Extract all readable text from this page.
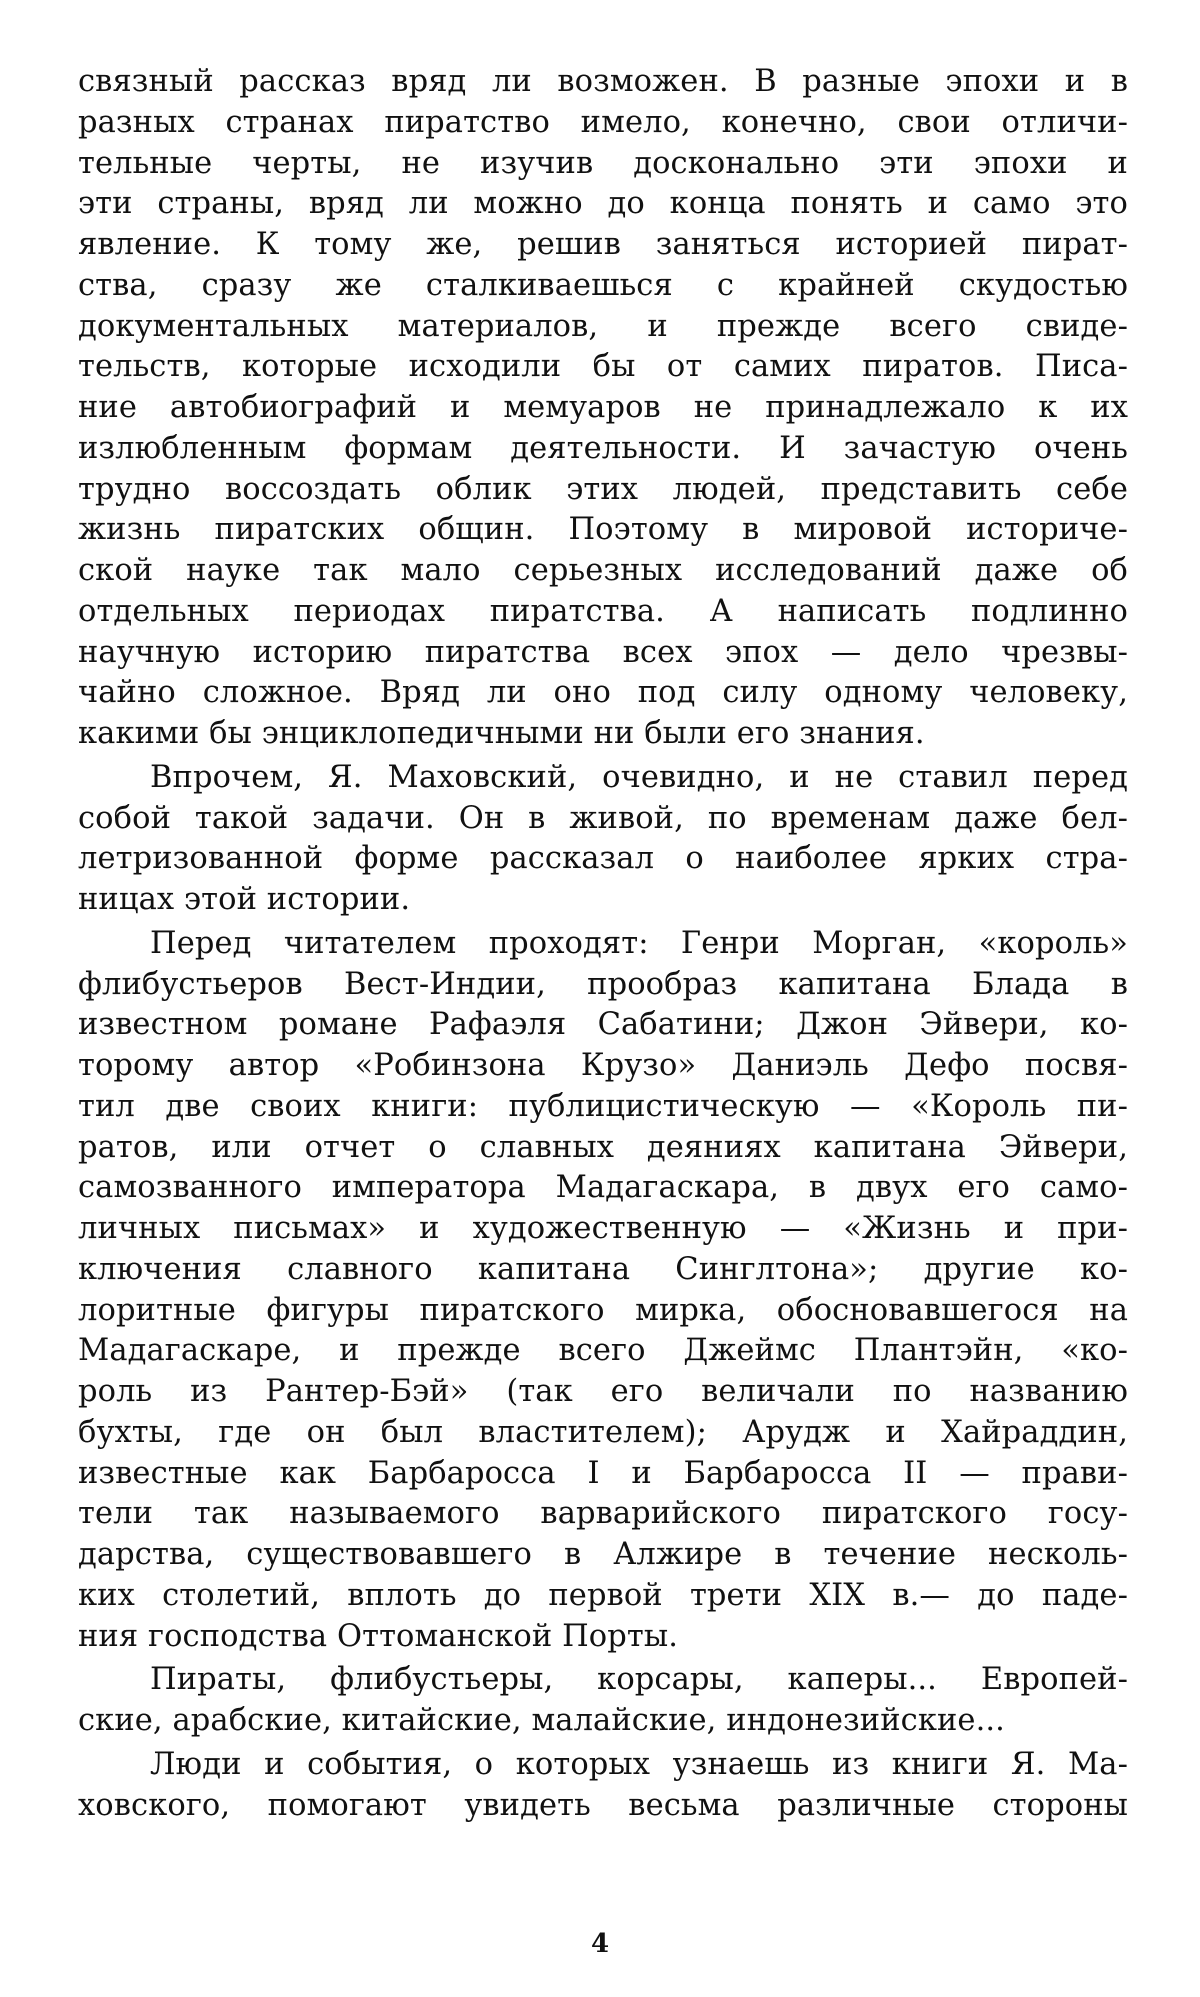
связный рассказ вряд ли возможен. В разные эпохи и в
разных странах пиратство имело, конечно, свои отличи-
тельные черты, не изучив досконально эти эпохи и
эти страны, вряд ли можно до конца понять и само это
явление. К тому же, решив заняться историей пират-
ства, сразу же сталкиваешься с крайней скудостью
документальных материалов, и прежде всего свиде-
тельств, которые исходили бы от самих пиратов. Писа-
ние автобиографий и мемуаров не принадлежало к их
излюбленным формам деятельности. И зачастую очень
трудно воссоздать облик этих людей, представить себе
жизнь пиратских общин. Поэтому в мировой историче-
ской науке так мало серьезных исследований даже об
отдельных периодах пиратства. А написать подлинно
научную историю пиратства всех эпох — дело чрезвы-
чайно сложное. Вряд ли оно под силу одному человеку,
какими бы энциклопедичными ни были его знания.
Впрочем, Я. Маховский, очевидно, и не ставил перед
собой такой задачи. Он в живой, по временам даже бел-
летризованной форме рассказал о наиболее ярких стра-
ницах этой истории.
Перед читателем проходят: Генри Морган, «король»
флибустьеров Вест-Индии, прообраз капитана Блада в
известном романе Рафаэля Сабатини; Джон Эйвери, ко-
торому автор «Робинзона Крузо» Даниэль Дефо посвя-
тил две своих книги: публицистическую — «Король пи-
ратов, или отчет о славных деяниях капитана Эйвери,
самозванного императора Мадагаскара, в двух его само-
личных письмах» и художественную — «Жизнь и при-
ключения славного капитана Синглтона»; другие ко-
лоритные фигуры пиратского мирка, обосновавшегося на
Мадагаскаре, и прежде всего Джеймс Плантэйн, «ко-
роль из Рантер-Бэй» (так его величали по названию
бухты, где он был властителем); Арудж и Хайраддин,
известные как Барбаросса I и Барбаросса II — прави-
тели так называемого варварийского пиратского госу-
дарства, существовавшего в Алжире в течение несколь-
ких столетий, вплоть до первой трети XIX в.— до паде-
ния господства Оттоманской Порты.
Пираты, флибустьеры, корсары, каперы... Европей-
ские, арабские, китайские, малайские, индонезийские...
Люди и события, о которых узнаешь из книги Я. Ма-
ховского, помогают увидеть весьма различные стороны
4
